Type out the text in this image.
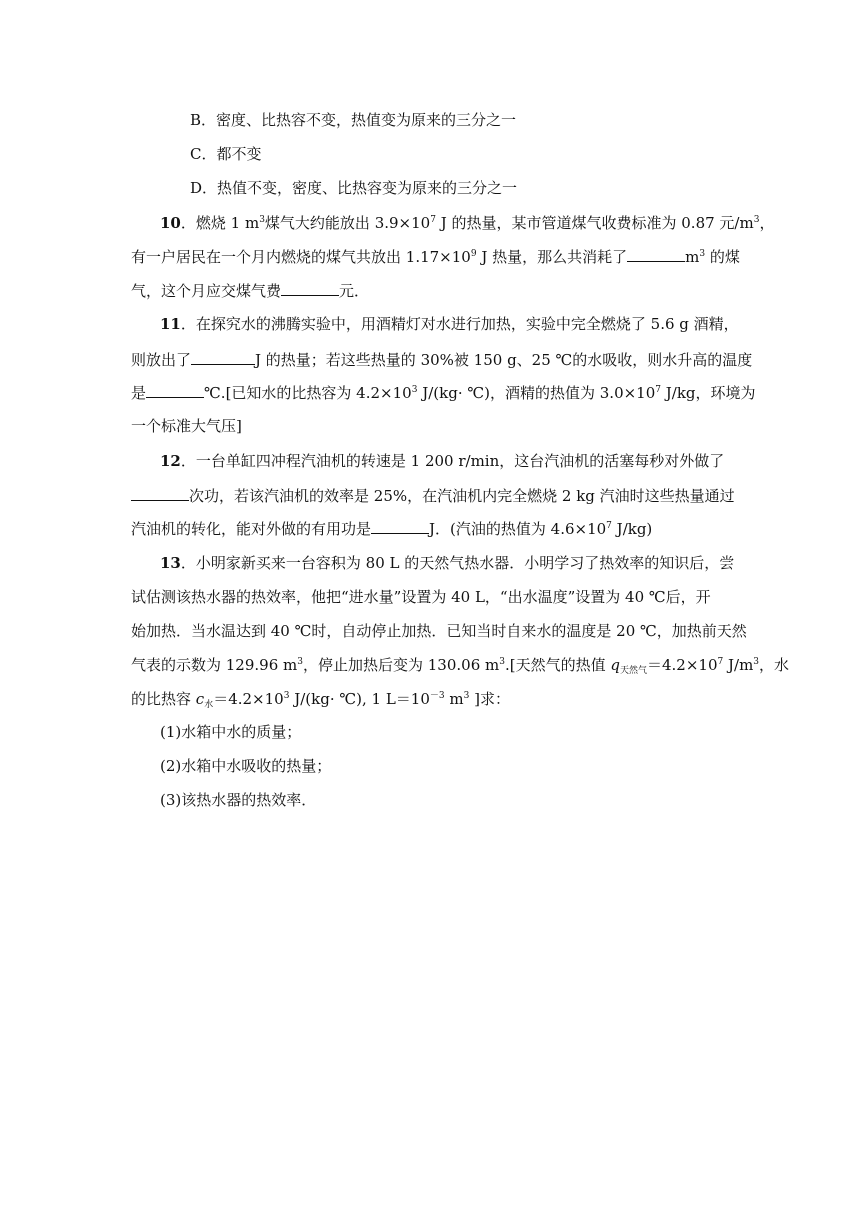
B．密度、比热容不变，热值变为原来的三分之一
C．都不变
D．热值不变，密度、比热容变为原来的三分之一
10．燃烧 1 $m^3$煤气大约能放出 $3.9\times 10^7$ J 的热量，某市管道煤气收费标准为 0.87 元$/m^3$，
有一户居民在一个月内燃烧的煤气共放出 $1.17\times 10^9$ J 热量，那么共消耗了	$m^3$ 的煤
气，这个月应交煤气费	元．
11．在探究水的沸腾实验中，用酒精灯对水进行加热，实验中完全燃烧了 5.6 g 酒精，
则放出了	J 的热量；若这些热量的 30%被 150 g、25 ℃的水吸收，则水升高的温度
是	℃.[已知水的比热容为 $4.2\times 10^3$ J/(kg· ℃)，酒精的热值为 $3.0\times 10^7$ J/kg，环境为
一个标准大气压]
12．一台单缸四冲程汽油机的转速是 1 200 r/min，这台汽油机的活塞每秒对外做了
次功，若该汽油机的效率是 25%，在汽油机内完全燃烧 2 kg 汽油时这些热量通过
汽油机的转化，能对外做的有用功是	J．(汽油的热值为 $4.6\times 10^7$ J/kg)
13．小明家新买来一台容积为 80 L 的天然气热水器．小明学习了热效率的知识后，尝
试估测该热水器的热效率，他把“进水量”设置为 40 L，“出水温度”设置为 40 ℃后，开
始加热．当水温达到 40 ℃时，自动停止加热．已知当时自来水的温度是 20 ℃，加热前天然
气表的示数为 129.96 $m^3$，停止加热后变为 130.06 $m^3$.[天然气的热值 $q_{天然气}=4.2\times 10^7$ $J/m^3$，水
的比热容 $c_水=4.2\times 10^3$ J/(kg· ℃), 1 $L=10^{-3}$ $m^3$ ]求：
(1)水箱中水的质量；
(2)水箱中水吸收的热量；
(3)该热水器的热效率．
